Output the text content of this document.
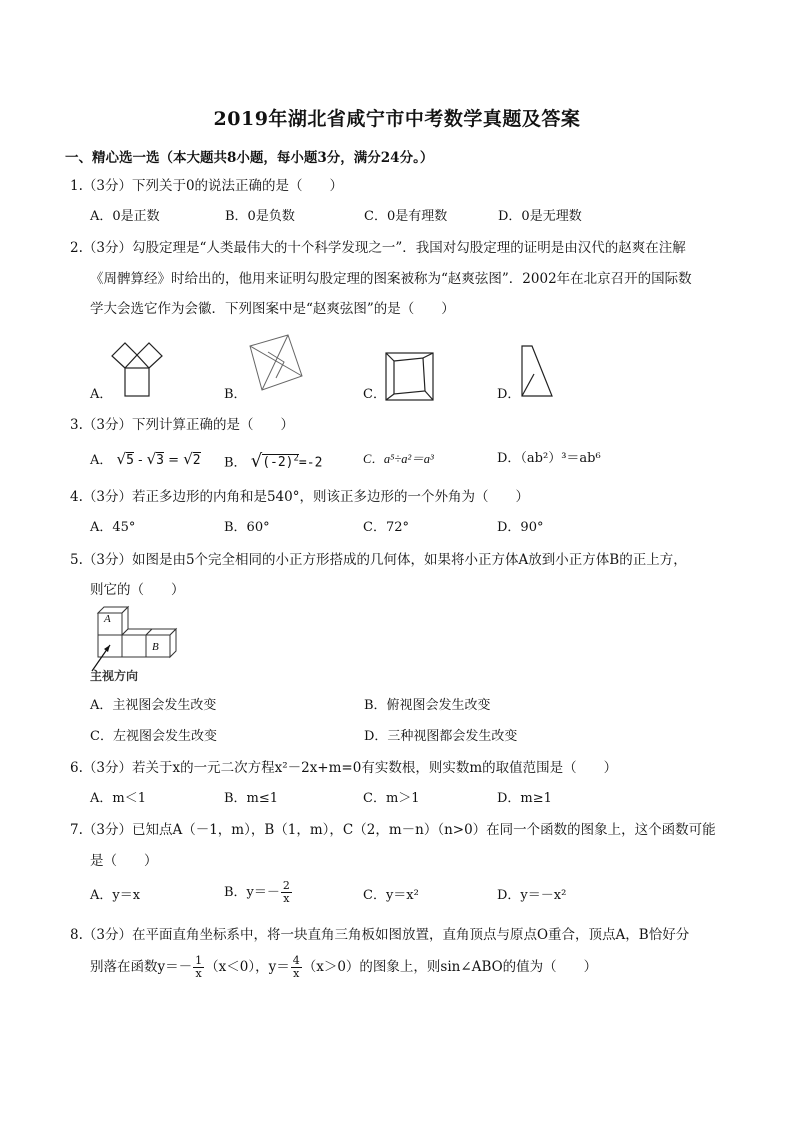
2019年湖北省咸宁市中考数学真题及答案
一、精心选一选（本大题共8小题，每小题3分，满分24分。）
1.（3分）下列关于0的说法正确的是（　　）
A．0是正数	B．0是负数	C．0是有理数	D．0是无理数
2.（3分）勾股定理是“人类最伟大的十个科学发现之一”．我国对勾股定理的证明是由汉代的赵爽在注解
《周髀算经》时给出的，他用来证明勾股定理的图案被称为“赵爽弦图”．2002年在北京召开的国际数
学大会选它作为会徽．下列图案中是“赵爽弦图”的是（　　）
A．	B．	C．	D．
3.（3分）下列计算正确的是（　　）
A． √5 - √3 = √2 B． $√(-2)^2=-2$	C．a⁵÷a²＝a³	D．（ab²）³＝ab⁶
4.（3分）若正多边形的内角和是540°，则该正多边形的一个外角为（　　）
A．45°	B．60°	C．72°	D．90°
5.（3分）如图是由5个完全相同的小正方形搭成的几何体，如果将小正方体A放到小正方体B的正上方，
则它的（　　）
A
B
主视方向
A．主视图会发生改变	B．俯视图会发生改变
C．左视图会发生改变	D．三种视图都会发生改变
6.（3分）若关于x的一元二次方程x²－2x+m=0有实数根，则实数m的取值范围是（　　）
A．m＜1	B．m≤1	C．m＞1	D．m≥1
7.（3分）已知点A（－1，m），B（1，m），C（2，m－n）（n>0）在同一个函数的图象上，这个函数可能
是（　　）
A．y＝x	B．$y=- \frac{2}{x}$	C．y＝x²	D．y＝－x²
8.（3分）在平面直角坐标系中，将一块直角三角板如图放置，直角顶点与原点O重合，顶点A，B恰好分
别落在函数$y=- \frac{1}{x} (x<0)$，$y= \frac{4}{x} (x>0)$的图象上，则sin∠ABO的值为（　　）
